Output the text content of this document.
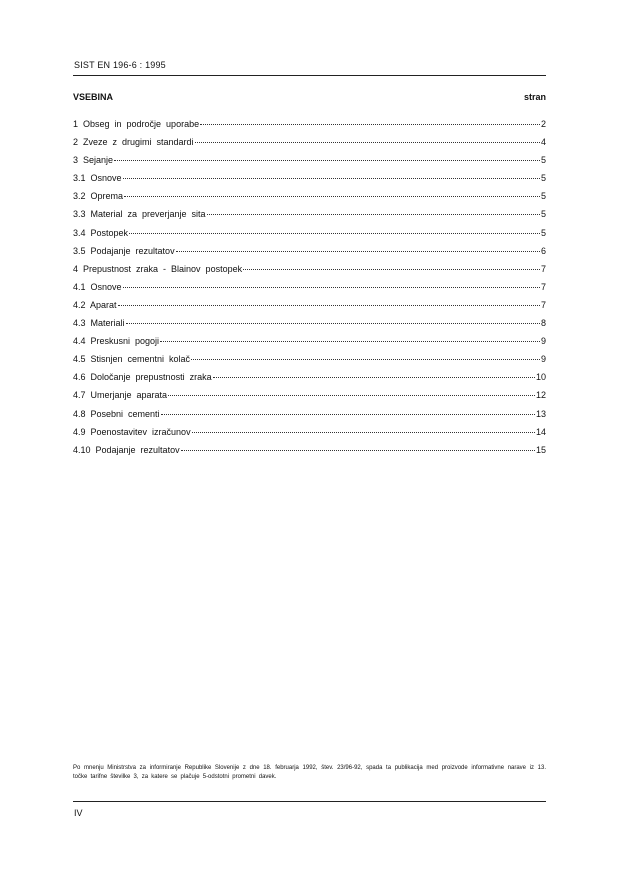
SIST EN 196-6 : 1995
VSEBINA	stran
1  Obseg  in  področje  uporabe	2
2  Zveze  z  drugimi  standardi	4
3  Sejanje	5
3.1  Osnove	5
3.2  Oprema	5
3.3  Material  za  preverjanje  sita	5
3.4  Postopek	5
3.5  Podajanje  rezultatov	6
4  Prepustnost  zraka  -  Blainov  postopek	7
4.1  Osnove	7
4.2  Aparat	7
4.3  Materiali	8
4.4  Preskusni  pogoji	9
4.5  Stisnjen  cementni  kolač	9
4.6  Določanje  prepustnosti  zraka	10
4.7  Umerjanje  aparata	12
4.8  Posebni  cementi	13
4.9  Poenostavitev  izračunov	14
4.10  Podajanje  rezultatov	15
Po mnenju Ministrstva za informiranje Republike Slovenije z dne 18. februarja 1992, štev. 23/96-92, spada ta publikacija med proizvode informativne narave iz 13. točke tarifne številke 3, za katere se plačuje 5-odstotni prometni davek.
IV
